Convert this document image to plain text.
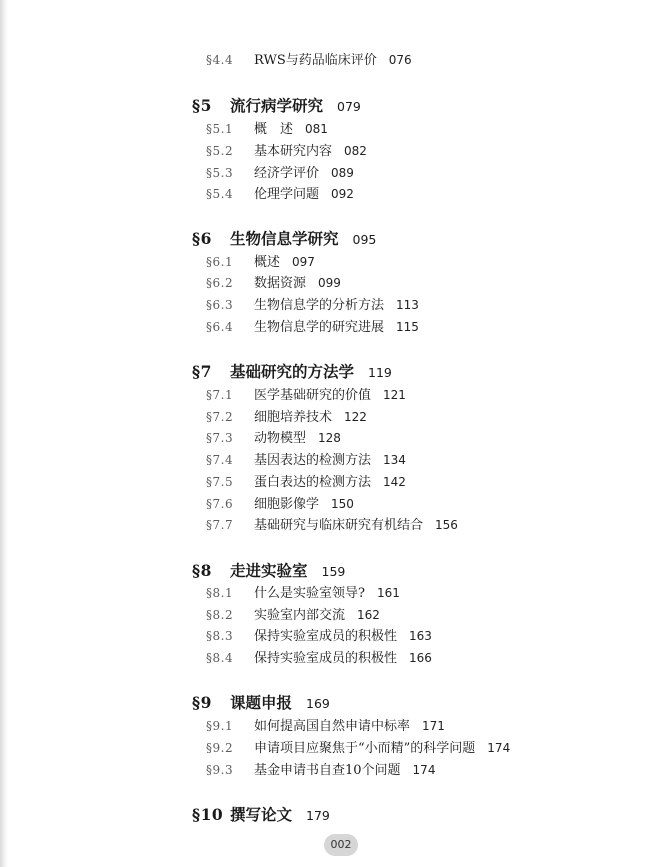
§4.4 RWS与药品临床评价 076
§5 流行病学研究 079
§5.1 概　述 081
§5.2 基本研究内容 082
§5.3 经济学评价 089
§5.4 伦理学问题 092
§6 生物信息学研究 095
§6.1 概述 097
§6.2 数据资源 099
§6.3 生物信息学的分析方法 113
§6.4 生物信息学的研究进展 115
§7 基础研究的方法学 119
§7.1 医学基础研究的价值 121
§7.2 细胞培养技术 122
§7.3 动物模型 128
§7.4 基因表达的检测方法 134
§7.5 蛋白表达的检测方法 142
§7.6 细胞影像学 150
§7.7 基础研究与临床研究有机结合 156
§8 走进实验室 159
§8.1 什么是实验室领导? 161
§8.2 实验室内部交流 162
§8.3 保持实验室成员的积极性 163
§8.4 保持实验室成员的积极性 166
§9 课题申报 169
§9.1 如何提高国自然申请中标率 171
§9.2 申请项目应聚焦于“小而精”的科学问题 174
§9.3 基金申请书自查10个问题 174
§10 撰写论文 179
002
